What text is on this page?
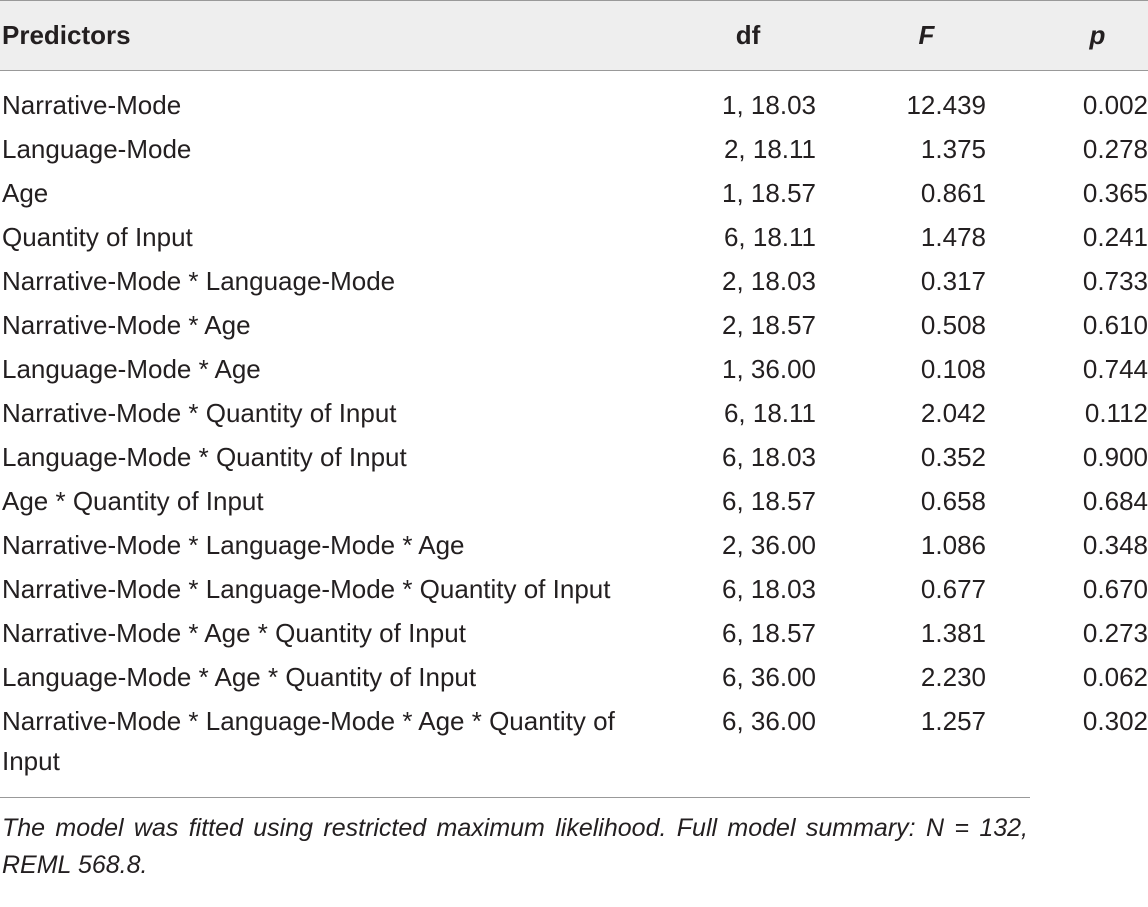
Predictors	df	F	p
Narrative-Mode	1, 18.03	12.439	0.002
Language-Mode	2, 18.11	1.375	0.278
Age	1, 18.57	0.861	0.365
Quantity of Input	6, 18.11	1.478	0.241
Narrative-Mode * Language-Mode	2, 18.03	0.317	0.733
Narrative-Mode * Age	2, 18.57	0.508	0.610
Language-Mode * Age	1, 36.00	0.108	0.744
Narrative-Mode * Quantity of Input	6, 18.11	2.042	0.112
Language-Mode * Quantity of Input	6, 18.03	0.352	0.900
Age * Quantity of Input	6, 18.57	0.658	0.684
Narrative-Mode * Language-Mode * Age	2, 36.00	1.086	0.348
Narrative-Mode * Language-Mode * Quantity of Input	6, 18.03	0.677	0.670
Narrative-Mode * Age * Quantity of Input	6, 18.57	1.381	0.273
Language-Mode * Age * Quantity of Input	6, 36.00	2.230	0.062
Narrative-Mode * Language-Mode * Age * Quantity of Input	6, 36.00	1.257	0.302
The model was fitted using restricted maximum likelihood. Full model summary: N = 132, REML 568.8.
